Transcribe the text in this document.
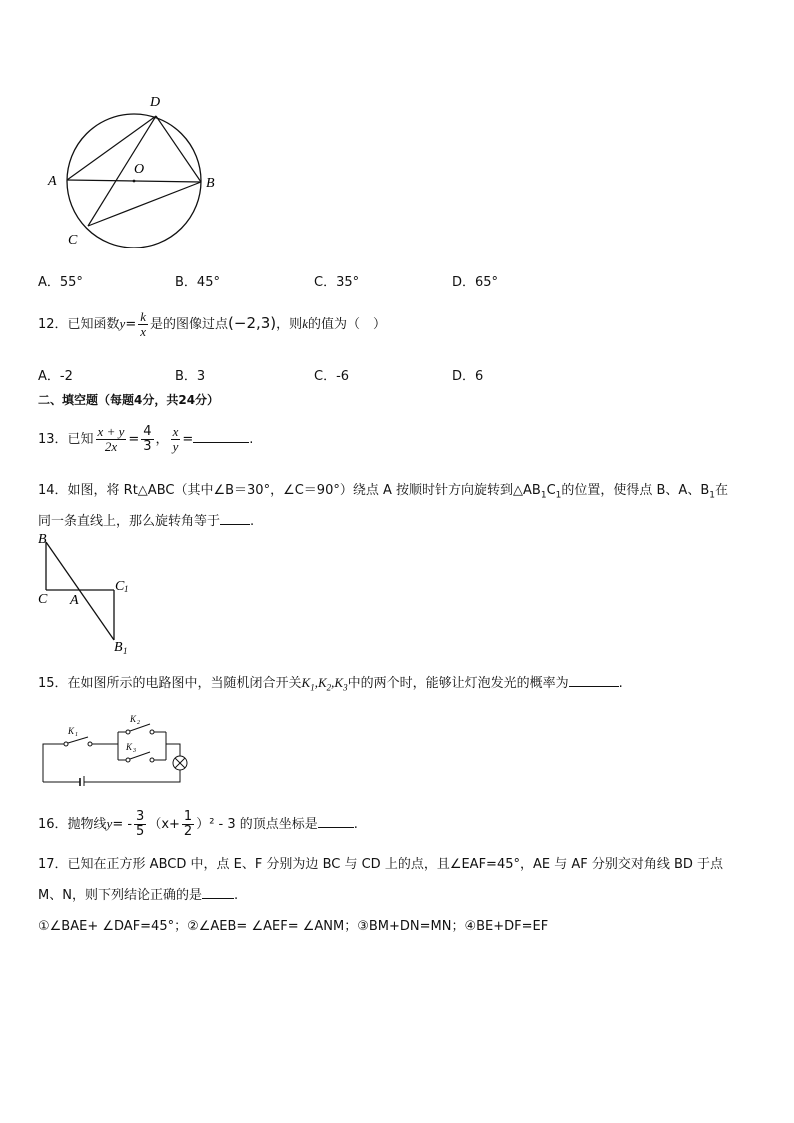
D
O
A	B
C
A．55°	B．45°	C．35°	D．65°
12．已知函数$y= \frac{k}{x}$ 是的图像过点(−2,3)，则k的值为（　）
A．-2	B．3	C．-6	D．6
二、填空题（每题4分，共24分）
13．已知 $\frac{x + y}{2x} = \frac{4}{3}$ ， $\frac{x}{y}$ =	.
14．如图，将 Rt△ABC（其中∠B＝30°，∠C＝90°）绕点 A 按顺时针方向旋转到$\triangle AB_1C_1$的位置，使得点 B、A、$B_1$在
同一条直线上，那么旋转角等于 .
B
C A
C 1
B 1
15．在如图所示的电路图中，当随机闭合开关$K_1,K_2,K_3$中的两个时，能够让灯泡发光的概率为	.
K 1
K 2
K 3
16．抛物线$y= - \frac{3}{5} (x+ \frac{1}{2} )^2 - 3$ 的顶点坐标是	.
17．已知在正方形 ABCD 中，点 E、F 分别为边 BC 与 CD 上的点，且∠EAF=45°，AE 与 AF 分别交对角线 BD 于点
M、N，则下列结论正确的是 .
①∠BAE+ ∠DAF=45°；②∠AEB= ∠AEF= ∠ANM；③BM+DN=MN；④BE+DF=EF
